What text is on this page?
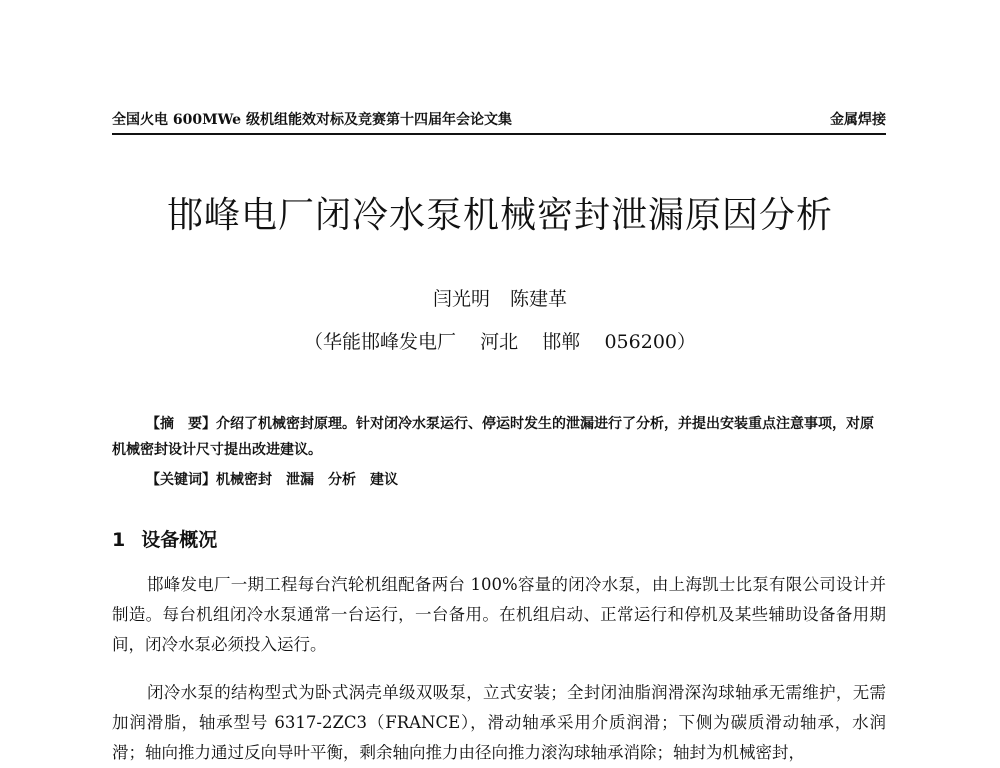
全国火电 600MWe 级机组能效对标及竞赛第十四届年会论文集	金属焊接
邯峰电厂闭冷水泵机械密封泄漏原因分析
闫光明 陈建革
（华能邯峰发电厂    河北    邯郸    056200）
【摘　要】介绍了机械密封原理。针对闭冷水泵运行、停运时发生的泄漏进行了分析，并提出安装重点注意事项，对原机械密封设计尺寸提出改进建议。
【关键词】机械密封 泄漏 分析 建议
1 设备概况
邯峰发电厂一期工程每台汽轮机组配备两台 100%容量的闭冷水泵，由上海凯士比泵有限公司设计并制造。每台机组闭冷水泵通常一台运行，一台备用。在机组启动、正常运行和停机及某些辅助设备备用期间，闭冷水泵必须投入运行。
闭冷水泵的结构型式为卧式涡壳单级双吸泵，立式安装；全封闭油脂润滑深沟球轴承无需维护，无需加润滑脂，轴承型号 6317-2ZC3（FRANCE），滑动轴承采用介质润滑；下侧为碳质滑动轴承，水润滑；轴向推力通过反向导叶平衡，剩余轴向推力由径向推力滚沟球轴承消除；轴封为机械密封，
